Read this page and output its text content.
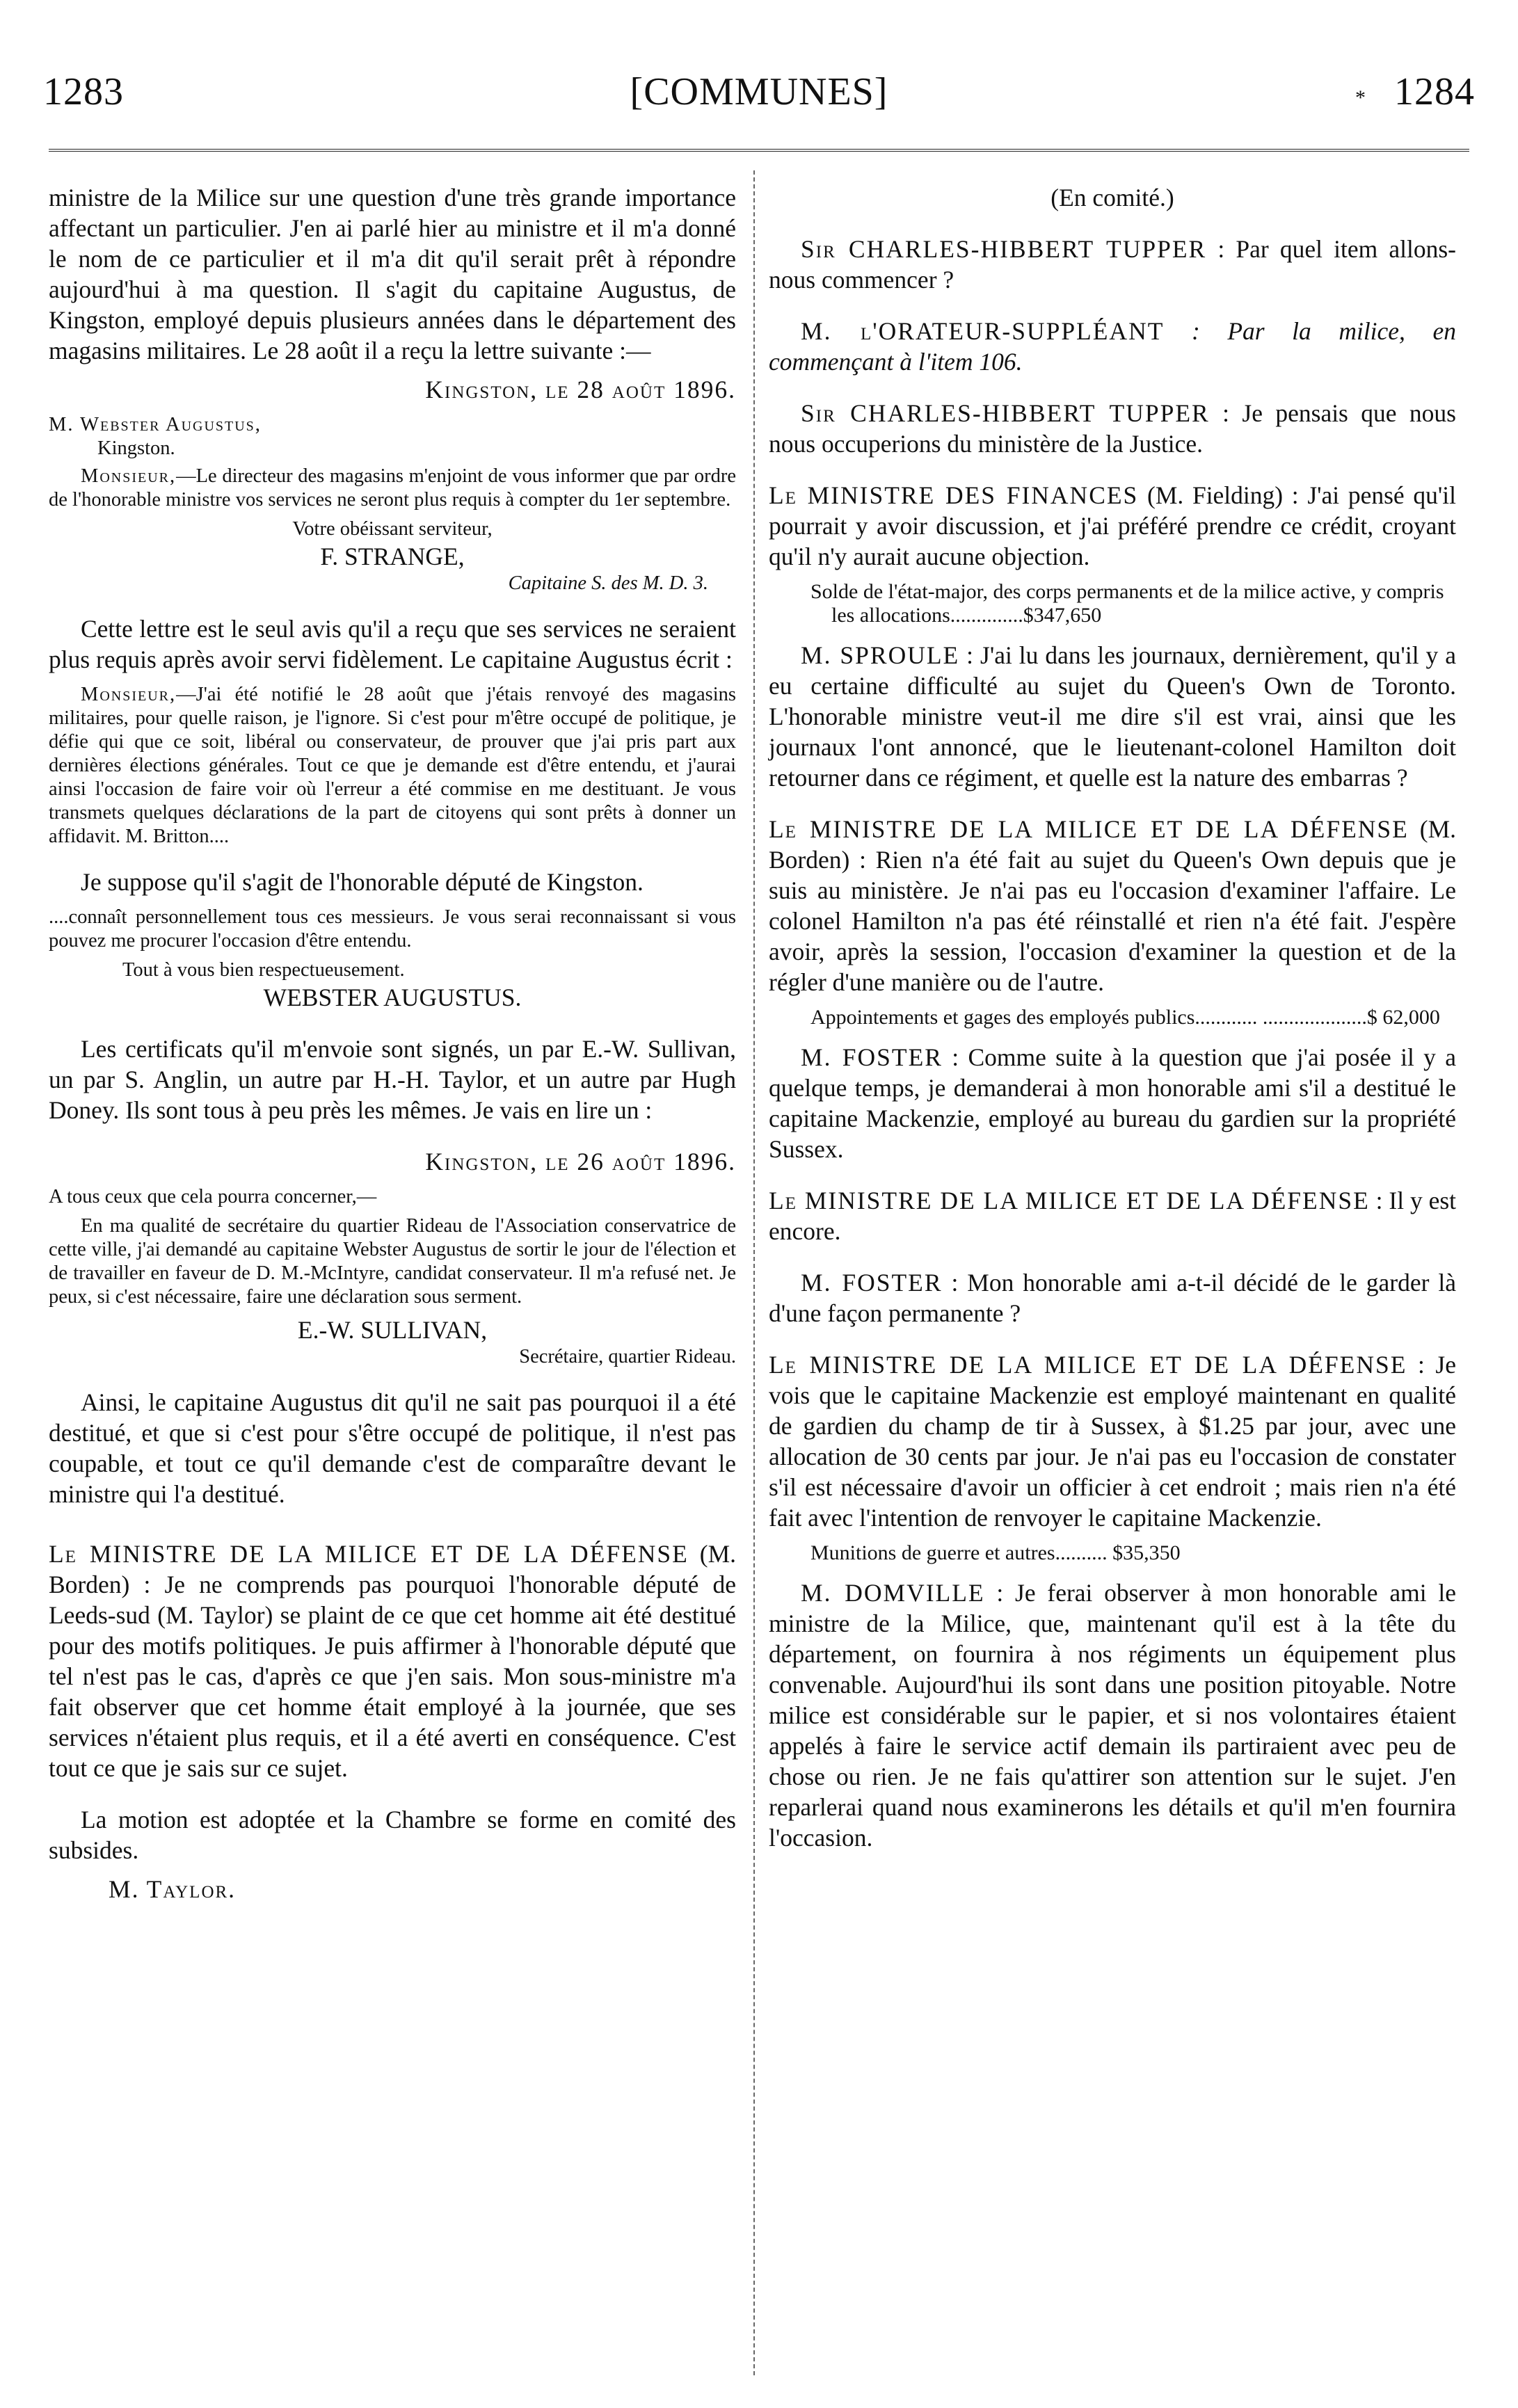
1283	[COMMUNES]	* 1284

ministre de la Milice sur une question d'une très grande importance affectant un particulier. J'en ai parlé hier au ministre et il m'a donné le nom de ce particulier et il m'a dit qu'il serait prêt à répondre aujourd'hui à ma question. Il s'agit du capitaine Augustus, de Kingston, employé depuis plusieurs années dans le département des magasins militaires. Le 28 août il a reçu la lettre suivante :—

Kingston, le 28 août 1896.

M. Webster Augustus,

Kingston.

Monsieur,—Le directeur des magasins m'enjoint de vous informer que par ordre de l'honorable ministre vos services ne seront plus requis à compter du 1er septembre.

Votre obéissant serviteur,

F. STRANGE,

Capitaine S. des M. D. 3.

Cette lettre est le seul avis qu'il a reçu que ses services ne seraient plus requis après avoir servi fidèlement. Le capitaine Augustus écrit :

Monsieur,—J'ai été notifié le 28 août que j'étais renvoyé des magasins militaires, pour quelle raison, je l'ignore. Si c'est pour m'être occupé de politique, je défie qui que ce soit, libéral ou conservateur, de prouver que j'ai pris part aux dernières élections générales. Tout ce que je demande est d'être entendu, et j'aurai ainsi l'occasion de faire voir où l'erreur a été commise en me destituant. Je vous transmets quelques déclarations de la part de citoyens qui sont prêts à donner un affidavit. M. Britton....

Je suppose qu'il s'agit de l'honorable député de Kingston.

....connaît personnellement tous ces messieurs. Je vous serai reconnaissant si vous pouvez me procurer l'occasion d'être entendu.

Tout à vous bien respectueusement.

WEBSTER AUGUSTUS.

Les certificats qu'il m'envoie sont signés, un par E.-W. Sullivan, un par S. Anglin, un autre par H.-H. Taylor, et un autre par Hugh Doney. Ils sont tous à peu près les mêmes. Je vais en lire un :

Kingston, le 26 août 1896.

A tous ceux que cela pourra concerner,—

En ma qualité de secrétaire du quartier Rideau de l'Association conservatrice de cette ville, j'ai demandé au capitaine Webster Augustus de sortir le jour de l'élection et de travailler en faveur de D. M.-McIntyre, candidat conservateur. Il m'a refusé net. Je peux, si c'est nécessaire, faire une déclaration sous serment.

E.-W. SULLIVAN,

Secrétaire, quartier Rideau.

Ainsi, le capitaine Augustus dit qu'il ne sait pas pourquoi il a été destitué, et que si c'est pour s'être occupé de politique, il n'est pas coupable, et tout ce qu'il demande c'est de comparaître devant le ministre qui l'a destitué.

Le MINISTRE DE LA MILICE ET DE LA DÉFENSE (M. Borden) : Je ne comprends pas pourquoi l'honorable député de Leeds-sud (M. Taylor) se plaint de ce que cet homme ait été destitué pour des motifs politiques. Je puis affirmer à l'honorable député que tel n'est pas le cas, d'après ce que j'en sais. Mon sous-ministre m'a fait observer que cet homme était employé à la journée, que ses services n'étaient plus requis, et il a été averti en conséquence. C'est tout ce que je sais sur ce sujet.

La motion est adoptée et la Chambre se forme en comité des subsides.

M. Taylor.

(En comité.)

Sir CHARLES-HIBBERT TUPPER : Par quel item allons-nous commencer ?

M. l'ORATEUR-SUPPLÉANT : Par la milice, en commençant à l'item 106.

Sir CHARLES-HIBBERT TUPPER : Je pensais que nous nous occuperions du ministère de la Justice.

Le MINISTRE DES FINANCES (M. Fielding) : J'ai pensé qu'il pourrait y avoir discussion, et j'ai préféré prendre ce crédit, croyant qu'il n'y aurait aucune objection.

Solde de l'état-major, des corps permanents et de la milice active, y compris les allocations..............$347,650

M. SPROULE : J'ai lu dans les journaux, dernièrement, qu'il y a eu certaine difficulté au sujet du Queen's Own de Toronto. L'honorable ministre veut-il me dire s'il est vrai, ainsi que les journaux l'ont annoncé, que le lieutenant-colonel Hamilton doit retourner dans ce régiment, et quelle est la nature des embarras ?

Le MINISTRE DE LA MILICE ET DE LA DÉFENSE (M. Borden) : Rien n'a été fait au sujet du Queen's Own depuis que je suis au ministère. Je n'ai pas eu l'occasion d'examiner l'affaire. Le colonel Hamilton n'a pas été réinstallé et rien n'a été fait. J'espère avoir, après la session, l'occasion d'examiner la question et de la régler d'une manière ou de l'autre.

Appointements et gages des employés publics............ ....................$ 62,000

M. FOSTER : Comme suite à la question que j'ai posée il y a quelque temps, je demanderai à mon honorable ami s'il a destitué le capitaine Mackenzie, employé au bureau du gardien sur la propriété Sussex.

Le MINISTRE DE LA MILICE ET DE LA DÉFENSE : Il y est encore.

M. FOSTER : Mon honorable ami a-t-il décidé de le garder là d'une façon permanente ?

Le MINISTRE DE LA MILICE ET DE LA DÉFENSE : Je vois que le capitaine Mackenzie est employé maintenant en qualité de gardien du champ de tir à Sussex, à $1.25 par jour, avec une allocation de 30 cents par jour. Je n'ai pas eu l'occasion de constater s'il est nécessaire d'avoir un officier à cet endroit ; mais rien n'a été fait avec l'intention de renvoyer le capitaine Mackenzie.

Munitions de guerre et autres.......... $35,350

M. DOMVILLE : Je ferai observer à mon honorable ami le ministre de la Milice, que, maintenant qu'il est à la tête du département, on fournira à nos régiments un équipement plus convenable. Aujourd'hui ils sont dans une position pitoyable. Notre milice est considérable sur le papier, et si nos volontaires étaient appelés à faire le service actif demain ils partiraient avec peu de chose ou rien. Je ne fais qu'attirer son attention sur le sujet. J'en reparlerai quand nous examinerons les détails et qu'il m'en fournira l'occasion.
